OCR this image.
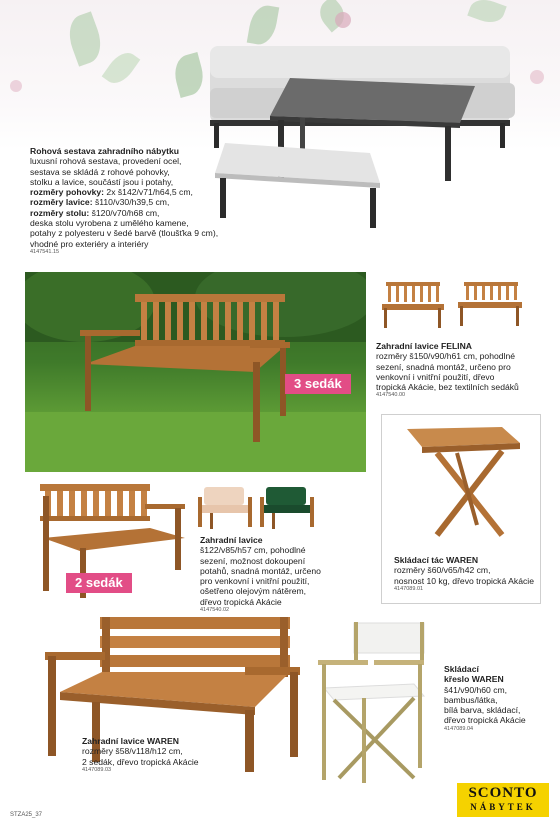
Rohová sestava zahradního nábytku
luxusní rohová sestava, provedení ocel,
sestava se skládá z rohové pohovky,
stolku a lavice, součástí jsou i potahy,
rozměry pohovky: 2x š142/v71/h64,5 cm,
rozměry lavice: š110/v30/h39,5 cm,
rozměry stolu: š120/v70/h68 cm,
deska stolu vyrobena z umělého kamene,
potahy z polyesteru v šedé barvě (tloušťka 9 cm),
vhodné pro exteriéry a interiéry
4147541.15
3 sedák
Zahradní lavice FELINA
rozměry š150/v90/h61 cm, pohodlné
sezení, snadná montáž, určeno pro
venkovní i vnitřní použití, dřevo
tropická Akácie, bez textilních sedáků
4147540.00
2 sedák
Zahradní lavice
š122/v85/h57 cm, pohodlné
sezení, možnost dokoupení
potahů, snadná montáž, určeno
pro venkovní i vnitřní použití,
ošetřeno olejovým nátěrem,
dřevo tropická Akácie
4147540.02
Skládací tác WAREN
rozměry š60/v65/h42 cm,
nosnost 10 kg, dřevo tropická Akácie
4147089.01
Skládací
křeslo WAREN
š41/v90/h60 cm,
bambus/látka,
bílá barva, skládací,
dřevo tropická Akácie
4147089.04
Zahradní lavice WAREN
rozměry š58/v118/h12 cm,
2 sedák, dřevo tropická Akácie
4147089.03
STZA25_37
SCONTO
NÁBYTEK
